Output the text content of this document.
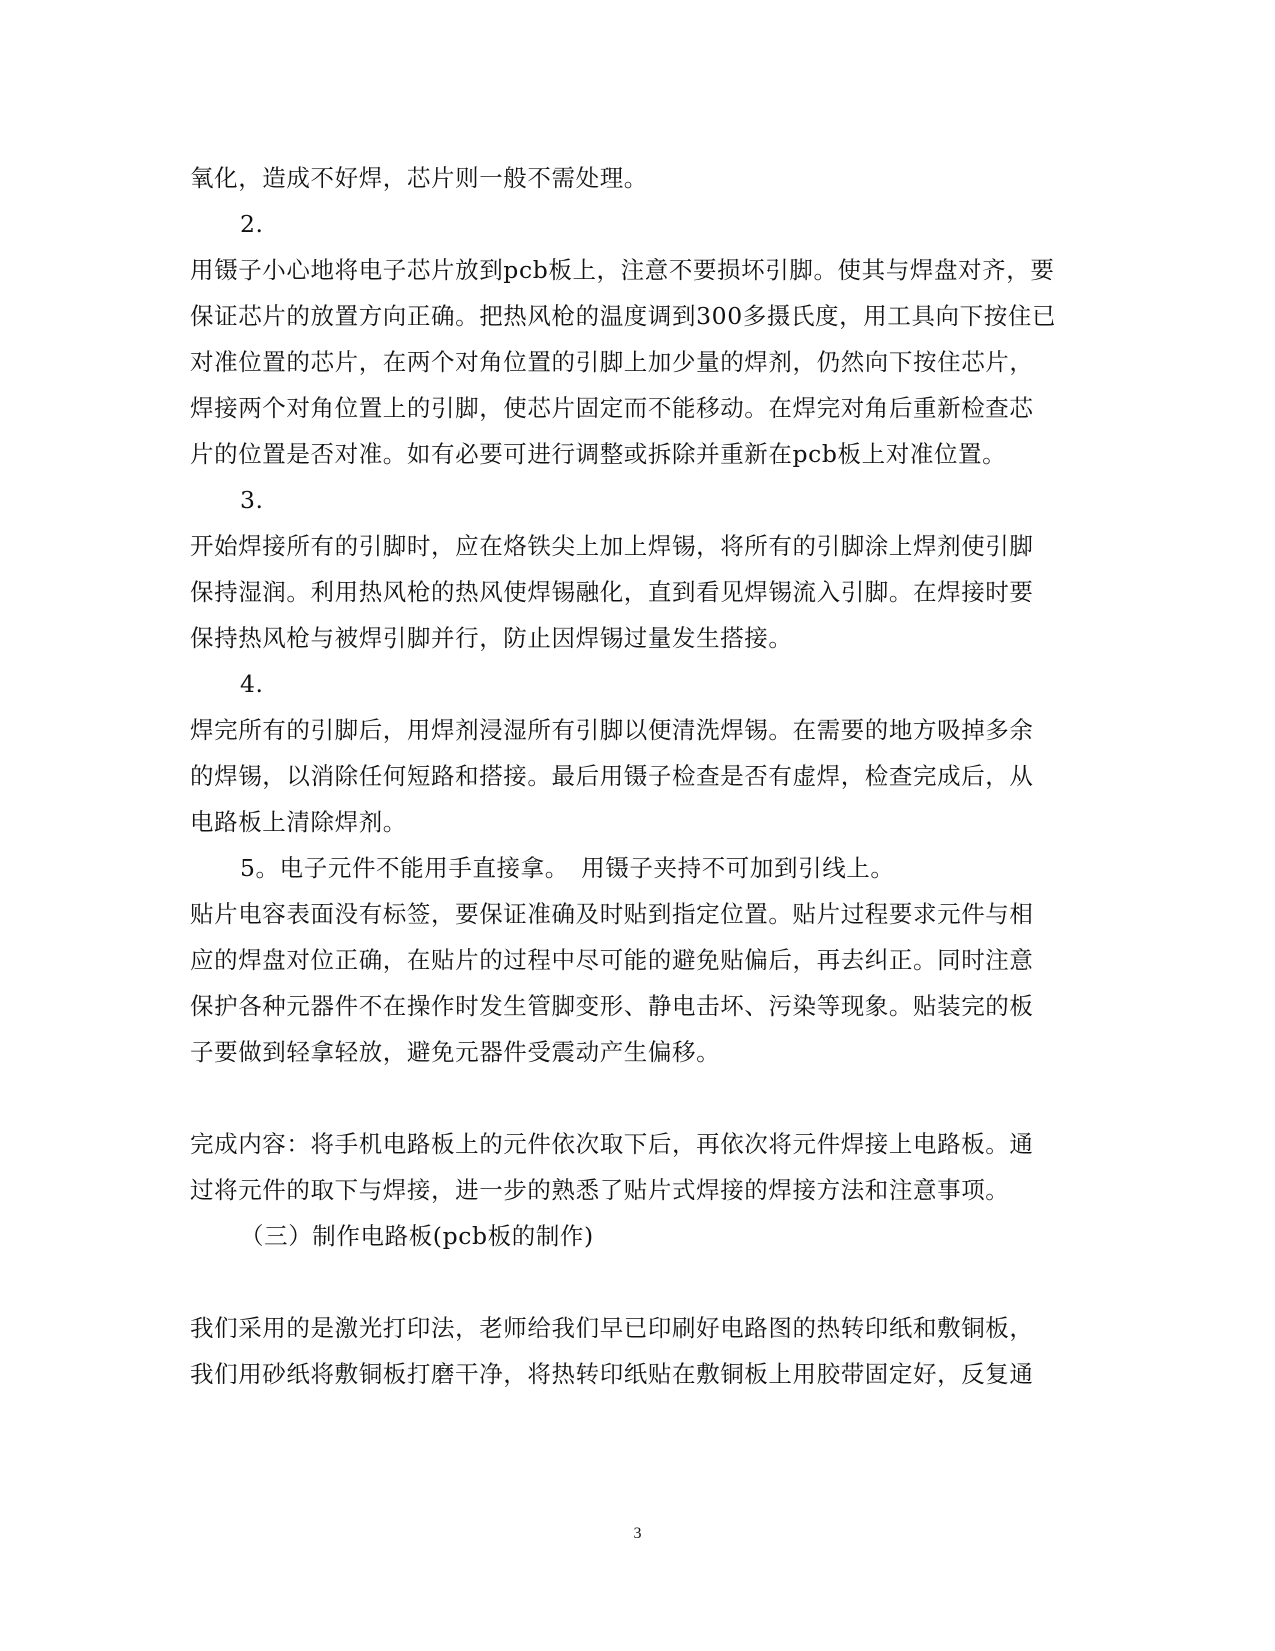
氧化，造成不好焊，芯片则一般不需处理。
2.
用镊子小心地将电子芯片放到pcb板上，注意不要损坏引脚。使其与焊盘对齐，要
保证芯片的放置方向正确。把热风枪的温度调到300多摄氏度，用工具向下按住已
对准位置的芯片，在两个对角位置的引脚上加少量的焊剂，仍然向下按住芯片，
焊接两个对角位置上的引脚，使芯片固定而不能移动。在焊完对角后重新检查芯
片的位置是否对准。如有必要可进行调整或拆除并重新在pcb板上对准位置。
3.
开始焊接所有的引脚时，应在烙铁尖上加上焊锡，将所有的引脚涂上焊剂使引脚
保持湿润。利用热风枪的热风使焊锡融化，直到看见焊锡流入引脚。在焊接时要
保持热风枪与被焊引脚并行，防止因焊锡过量发生搭接。
4.
焊完所有的引脚后，用焊剂浸湿所有引脚以便清洗焊锡。在需要的地方吸掉多余
的焊锡，以消除任何短路和搭接。最后用镊子检查是否有虚焊，检查完成后，从
电路板上清除焊剂。
5。电子元件不能用手直接拿。　用镊子夹持不可加到引线上。
贴片电容表面没有标签，要保证准确及时贴到指定位置。贴片过程要求元件与相
应的焊盘对位正确，在贴片的过程中尽可能的避免贴偏后，再去纠正。同时注意
保护各种元器件不在操作时发生管脚变形、静电击坏、污染等现象。贴装完的板
子要做到轻拿轻放，避免元器件受震动产生偏移。
完成内容：将手机电路板上的元件依次取下后，再依次将元件焊接上电路板。通
过将元件的取下与焊接，进一步的熟悉了贴片式焊接的焊接方法和注意事项。
（三）制作电路板(pcb板的制作)
我们采用的是激光打印法，老师给我们早已印刷好电路图的热转印纸和敷铜板，
我们用砂纸将敷铜板打磨干净，将热转印纸贴在敷铜板上用胶带固定好，反复通
3
